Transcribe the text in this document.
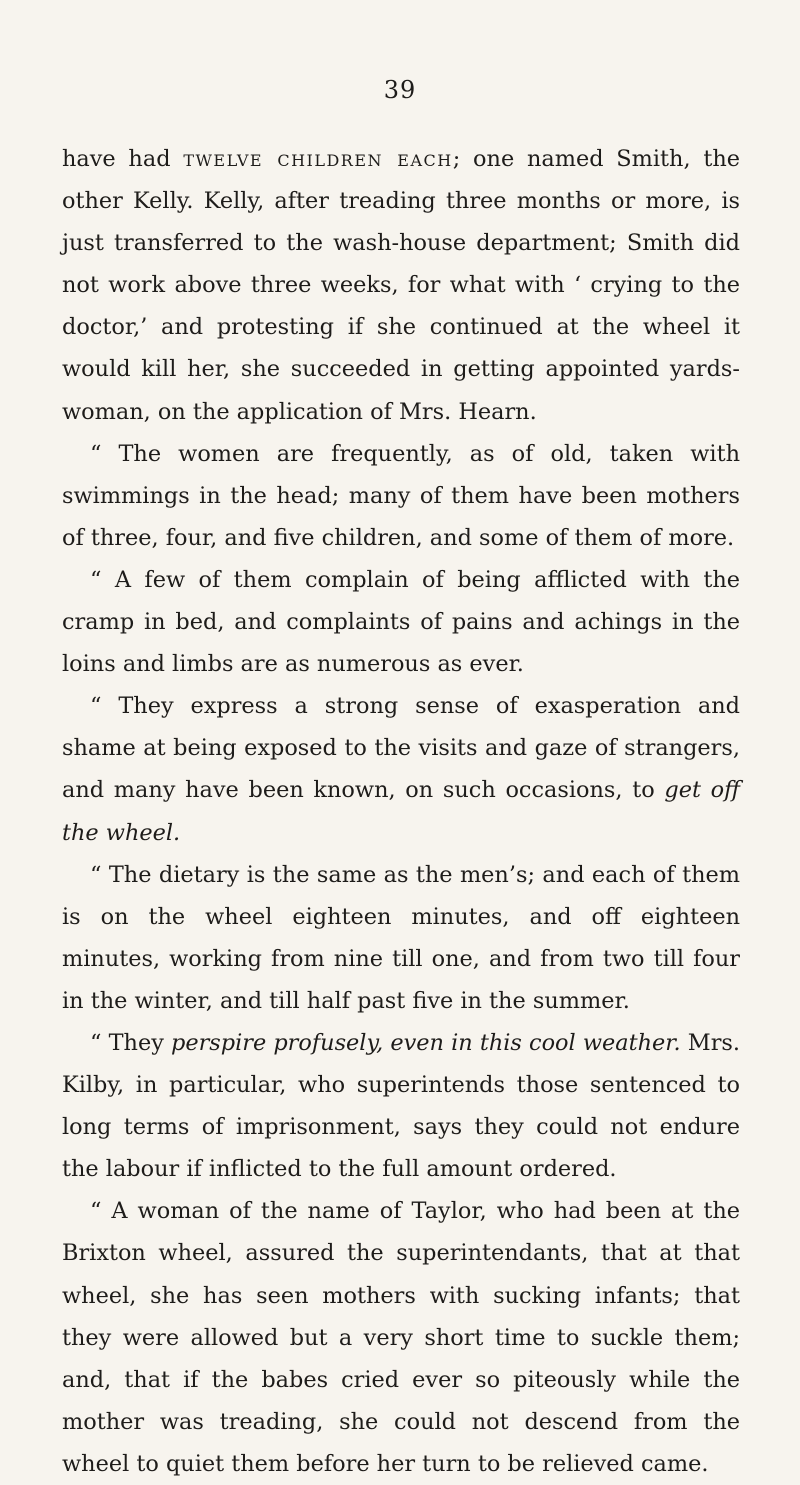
39

have had twelve children each; one named Smith, the other Kelly. Kelly, after treading three months or more, is just transferred to the wash-house department; Smith did not work above three weeks, for what with ‘ crying to the doctor,’ and protesting if she continued at the wheel it would kill her, she succeeded in getting appointed yards-woman, on the application of Mrs. Hearn.

“ The women are frequently, as of old, taken with swimmings in the head; many of them have been mothers of three, four, and five children, and some of them of more.

“ A few of them complain of being afflicted with the cramp in bed, and complaints of pains and achings in the loins and limbs are as numerous as ever.

“ They express a strong sense of exasperation and shame at being exposed to the visits and gaze of strangers, and many have been known, on such occasions, to get off the wheel.

“ The dietary is the same as the men’s; and each of them is on the wheel eighteen minutes, and off eighteen minutes, working from nine till one, and from two till four in the winter, and till half past five in the summer.

“ They perspire profusely, even in this cool weather. Mrs. Kilby, in particular, who superintends those sentenced to long terms of imprisonment, says they could not endure the labour if inflicted to the full amount ordered.

“ A woman of the name of Taylor, who had been at the Brixton wheel, assured the superintendants, that at that wheel, she has seen mothers with sucking infants; that they were allowed but a very short time to suckle them; and, that if the babes cried ever so piteously while the mother was treading, she could not descend from the wheel to quiet them before her turn to be relieved came.
